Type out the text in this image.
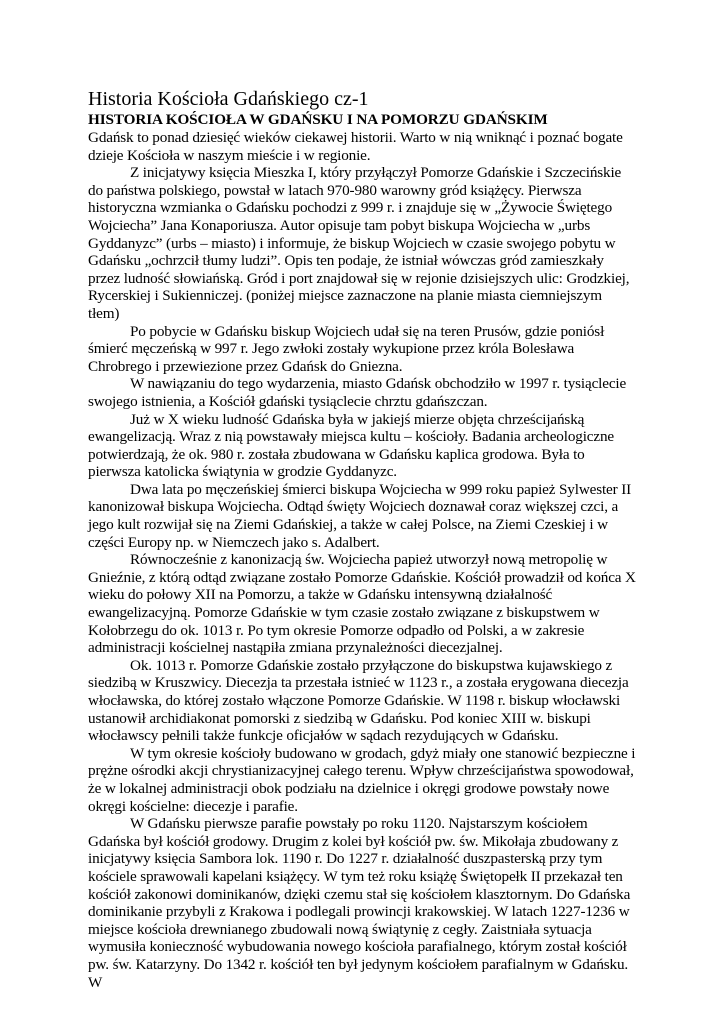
Historia Kościoła Gdańskiego cz-1
HISTORIA KOŚCIOŁA W GDAŃSKU I NA POMORZU GDAŃSKIM

Gdańsk to ponad dziesięć wieków ciekawej historii. Warto w nią wniknąć i poznać bogate dzieje Kościoła w naszym mieście i w regionie.

Z inicjatywy księcia Mieszka I, który przyłączył Pomorze Gdańskie i Szczecińskie do państwa polskiego, powstał w latach 970-980 warowny gród książęcy. Pierwsza historyczna wzmianka o Gdańsku pochodzi z 999 r. i znajduje się w „Żywocie Świętego Wojciecha” Jana Konaporiusza. Autor opisuje tam pobyt biskupa Wojciecha w „urbs Gyddanyzc” (urbs – miasto) i informuje, że biskup Wojciech w czasie swojego pobytu w Gdańsku „ochrzcił tłumy ludzi”. Opis ten podaje, że istniał wówczas gród zamieszkały przez ludność słowiańską. Gród i port znajdował się w rejonie dzisiejszych ulic: Grodzkiej, Rycerskiej i Sukienniczej. (poniżej miejsce zaznaczone na planie miasta ciemniejszym tłem)

Po pobycie w Gdańsku biskup Wojciech udał się na teren Prusów, gdzie poniósł śmierć męczeńską w 997 r. Jego zwłoki zostały wykupione przez króla Bolesława Chrobrego i przewiezione przez Gdańsk do Gniezna.

W nawiązaniu do tego wydarzenia, miasto Gdańsk obchodziło w 1997 r. tysiąclecie swojego istnienia, a Kościół gdański tysiąclecie chrztu gdańszczan.

Już w X wieku ludność Gdańska była w jakiejś mierze objęta chrześcijańską ewangelizacją. Wraz z nią powstawały miejsca kultu – kościoły. Badania archeologiczne potwierdzają, że ok. 980 r. została zbudowana w Gdańsku kaplica grodowa. Była to pierwsza katolicka świątynia w grodzie Gyddanyzc.

Dwa lata po męczeńskiej śmierci biskupa Wojciecha w 999 roku papież Sylwester II kanonizował biskupa Wojciecha. Odtąd święty Wojciech doznawał coraz większej czci, a jego kult rozwijał się na Ziemi Gdańskiej, a także w całej Polsce, na Ziemi Czeskiej i w części Europy np. w Niemczech jako s. Adalbert.

Równocześnie z kanonizacją św. Wojciecha papież utworzył nową metropolię w Gnieźnie, z którą odtąd związane zostało Pomorze Gdańskie. Kościół prowadził od końca X wieku do połowy XII na Pomorzu, a także w Gdańsku intensywną działalność ewangelizacyjną. Pomorze Gdańskie w tym czasie zostało związane z biskupstwem w Kołobrzegu do ok. 1013 r. Po tym okresie Pomorze odpadło od Polski, a w zakresie administracji kościelnej nastąpiła zmiana przynależności diecezjalnej.

Ok. 1013 r. Pomorze Gdańskie zostało przyłączone do biskupstwa kujawskiego z siedzibą w Kruszwicy. Diecezja ta przestała istnieć w 1123 r., a została erygowana diecezja włocławska, do której zostało włączone Pomorze Gdańskie. W 1198 r. biskup włocławski ustanowił archidiakonat pomorski z siedzibą w Gdańsku. Pod koniec XIII w. biskupi włocławscy pełnili także funkcje oficjałów w sądach rezydujących w Gdańsku.

W tym okresie kościoły budowano w grodach, gdyż miały one stanowić bezpieczne i prężne ośrodki akcji chrystianizacyjnej całego terenu. Wpływ chrześcijaństwa spowodował, że w lokalnej administracji obok podziału na dzielnice i okręgi grodowe powstały nowe okręgi kościelne: diecezje i parafie.

W Gdańsku pierwsze parafie powstały po roku 1120. Najstarszym kościołem Gdańska był kościół grodowy. Drugim z kolei był kościół pw. św. Mikołaja zbudowany z inicjatywy księcia Sambora lok. 1190 r. Do 1227 r. działalność duszpasterską przy tym kościele sprawowali kapelani książęcy. W tym też roku książę Świętopełk II przekazał ten kościół zakonowi dominikanów, dzięki czemu stał się kościołem klasztornym. Do Gdańska dominikanie przybyli z Krakowa i podlegali prowincji krakowskiej. W latach 1227-1236 w miejsce kościoła drewnianego zbudowali nową świątynię z cegły. Zaistniała sytuacja wymusiła konieczność wybudowania nowego kościoła parafialnego, którym został kościół pw. św. Katarzyny. Do 1342 r. kościół ten był jedynym kościołem parafialnym w Gdańsku. W
